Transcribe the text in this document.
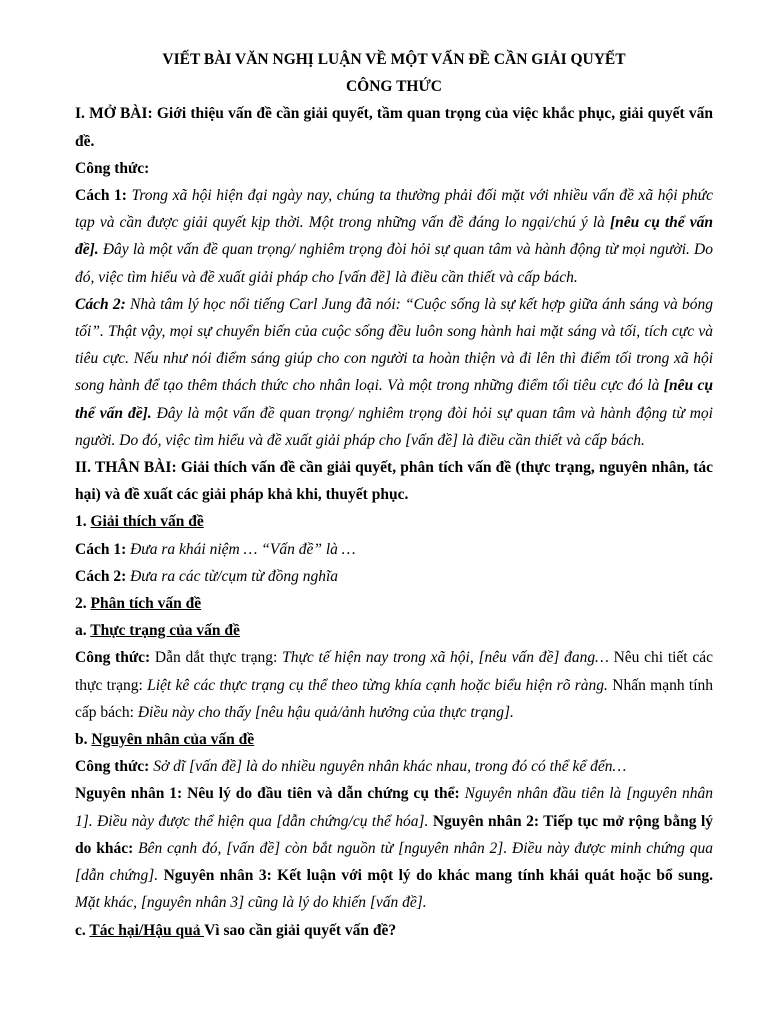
VIẾT BÀI VĂN NGHỊ LUẬN VỀ MỘT VẤN ĐỀ CẦN GIẢI QUYẾT

CÔNG THỨC

I. MỞ BÀI: Giới thiệu vấn đề cần giải quyết, tầm quan trọng của việc khắc phục, giải quyết vấn đề.

Công thức:

Cách 1: Trong xã hội hiện đại ngày nay, chúng ta thường phải đối mặt với nhiều vấn đề xã hội phức tạp và cần được giải quyết kịp thời. Một trong những vấn đề đáng lo ngại/chú ý là [nêu cụ thể vấn đề]. Đây là một vấn đề quan trọng/ nghiêm trọng đòi hỏi sự quan tâm và hành động từ mọi người. Do đó, việc tìm hiểu và đề xuất giải pháp cho [vấn đề] là điều cần thiết và cấp bách.

Cách 2: Nhà tâm lý học nổi tiếng Carl Jung đã nói: “Cuộc sống là sự kết hợp giữa ánh sáng và bóng tối”. Thật vậy, mọi sự chuyển biến của cuộc sống đều luôn song hành hai mặt sáng và tối, tích cực và tiêu cực. Nếu như nói điểm sáng giúp cho con người ta hoàn thiện và đi lên thì điểm tối trong xã hội song hành để tạo thêm thách thức cho nhân loại. Và một trong những điểm tối tiêu cực đó là [nêu cụ thể vấn đề]. Đây là một vấn đề quan trọng/ nghiêm trọng đòi hỏi sự quan tâm và hành động từ mọi người. Do đó, việc tìm hiểu và đề xuất giải pháp cho [vấn đề] là điều cần thiết và cấp bách.

II. THÂN BÀI: Giải thích vấn đề cần giải quyết, phân tích vấn đề (thực trạng, nguyên nhân, tác hại) và đề xuất các giải pháp khả khi, thuyết phục.

1. Giải thích vấn đề

Cách 1: Đưa ra khái niệm … “Vấn đề” là …

Cách 2: Đưa ra các từ/cụm từ đồng nghĩa

2. Phân tích vấn đề

a. Thực trạng của vấn đề

Công thức: Dẫn dắt thực trạng: Thực tế hiện nay trong xã hội, [nêu vấn đề] đang… Nêu chi tiết các thực trạng: Liệt kê các thực trạng cụ thể theo từng khía cạnh hoặc biểu hiện rõ ràng. Nhấn mạnh tính cấp bách: Điều này cho thấy [nêu hậu quả/ảnh hưởng của thực trạng].

b. Nguyên nhân của vấn đề

Công thức: Sở dĩ [vấn đề] là do nhiều nguyên nhân khác nhau, trong đó có thể kể đến…
Nguyên nhân 1: Nêu lý do đầu tiên và dẫn chứng cụ thể: Nguyên nhân đầu tiên là [nguyên nhân 1]. Điều này được thể hiện qua [dẫn chứng/cụ thể hóa]. Nguyên nhân 2: Tiếp tục mở rộng bằng lý do khác: Bên cạnh đó, [vấn đề] còn bắt nguồn từ [nguyên nhân 2]. Điều này được minh chứng qua [dẫn chứng]. Nguyên nhân 3: Kết luận với một lý do khác mang tính khái quát hoặc bổ sung. Mặt khác, [nguyên nhân 3] cũng là lý do khiến [vấn đề].

c. Tác hại/Hậu quả Vì sao cần giải quyết vấn đề?
